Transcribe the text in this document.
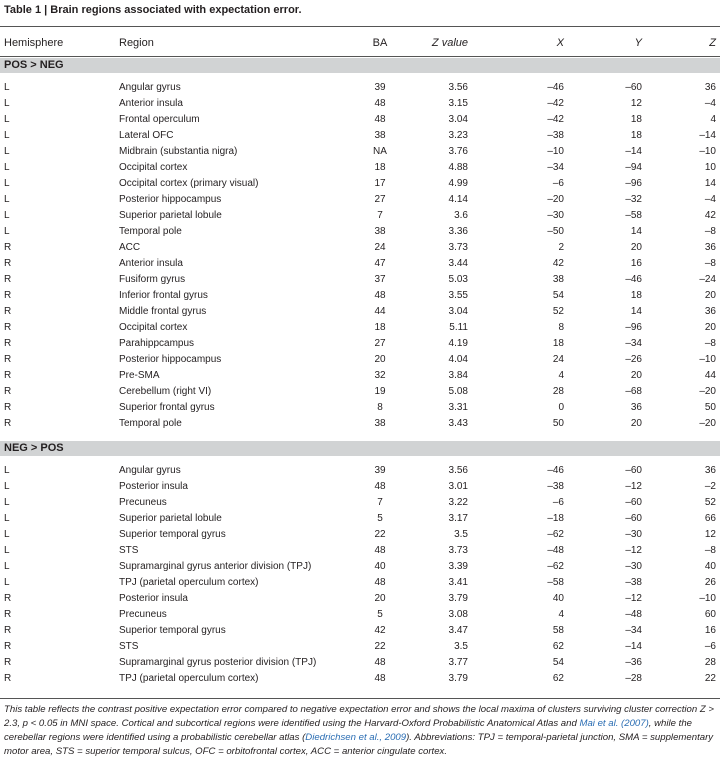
Table 1 | Brain regions associated with expectation error.
Hemisphere	Region	BA	Z value	X	Y	Z
POS > NEG
L	Angular gyrus	39	3.56	–46	–60	36
L	Anterior insula	48	3.15	–42	12	–4
L	Frontal operculum	48	3.04	–42	18	4
L	Lateral OFC	38	3.23	–38	18	–14
L	Midbrain (substantia nigra)	NA	3.76	–10	–14	–10
L	Occipital cortex	18	4.88	–34	–94	10
L	Occipital cortex (primary visual)	17	4.99	–6	–96	14
L	Posterior hippocampus	27	4.14	–20	–32	–4
L	Superior parietal lobule	7	3.6	–30	–58	42
L	Temporal pole	38	3.36	–50	14	–8
R	ACC	24	3.73	2	20	36
R	Anterior insula	47	3.44	42	16	–8
R	Fusiform gyrus	37	5.03	38	–46	–24
R	Inferior frontal gyrus	48	3.55	54	18	20
R	Middle frontal gyrus	44	3.04	52	14	36
R	Occipital cortex	18	5.11	8	–96	20
R	Parahippcampus	27	4.19	18	–34	–8
R	Posterior hippocampus	20	4.04	24	–26	–10
R	Pre-SMA	32	3.84	4	20	44
R	Cerebellum (right VI)	19	5.08	28	–68	–20
R	Superior frontal gyrus	8	3.31	0	36	50
R	Temporal pole	38	3.43	50	20	–20
NEG > POS
L	Angular gyrus	39	3.56	–46	–60	36
L	Posterior insula	48	3.01	–38	–12	–2
L	Precuneus	7	3.22	–6	–60	52
L	Superior parietal lobule	5	3.17	–18	–60	66
L	Superior temporal gyrus	22	3.5	–62	–30	12
L	STS	48	3.73	–48	–12	–8
L	Supramarginal gyrus anterior division (TPJ)	40	3.39	–62	–30	40
L	TPJ (parietal operculum cortex)	48	3.41	–58	–38	26
R	Posterior insula	20	3.79	40	–12	–10
R	Precuneus	5	3.08	4	–48	60
R	Superior temporal gyrus	42	3.47	58	–34	16
R	STS	22	3.5	62	–14	–6
R	Supramarginal gyrus posterior division (TPJ)	48	3.77	54	–36	28
R	TPJ (parietal operculum cortex)	48	3.79	62	–28	22
This table reflects the contrast positive expectation error compared to negative expectation error and shows the local maxima of clusters surviving cluster correction Z > 2.3, p < 0.05 in MNI space. Cortical and subcortical regions were identified using the Harvard-Oxford Probabilistic Anatomical Atlas and Mai et al. (2007), while the cerebellar regions were identified using a probabilistic cerebellar atlas (Diedrichsen et al., 2009). Abbreviations: TPJ = temporal-parietal junction, SMA = supplementary motor area, STS = superior temporal sulcus, OFC = orbitofrontal cortex, ACC = anterior cingulate cortex.
